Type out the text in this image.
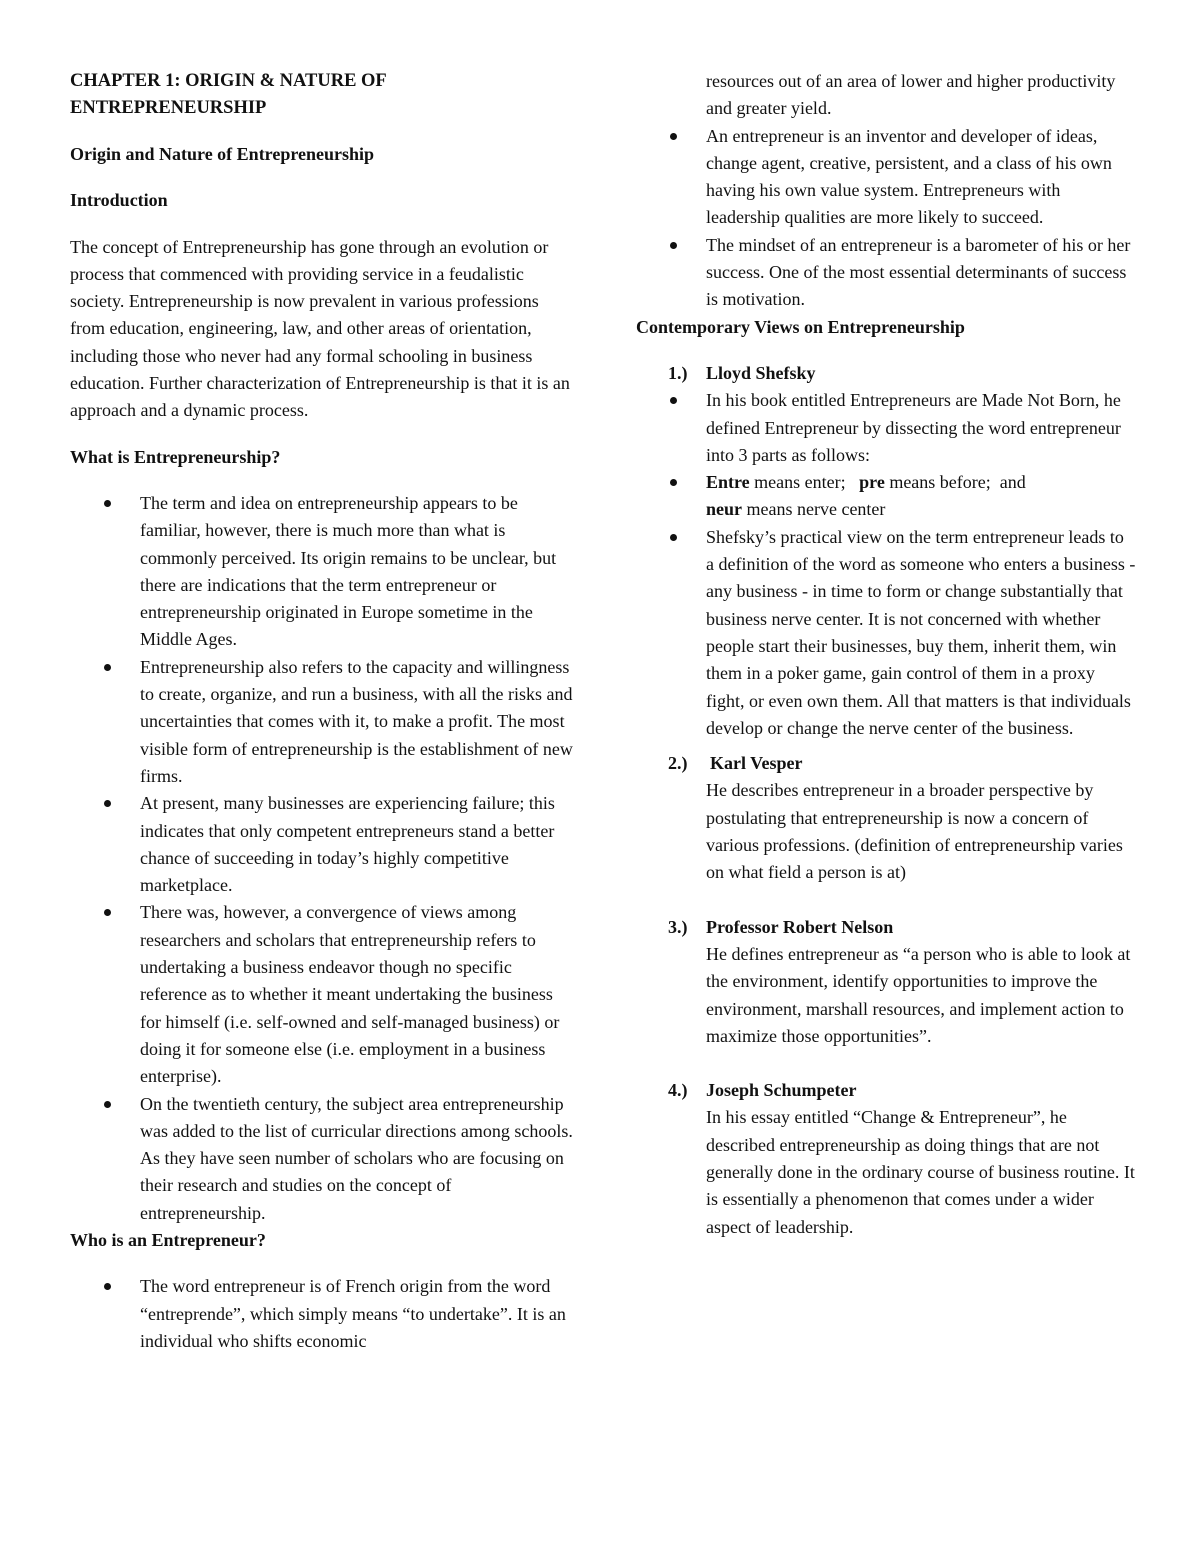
CHAPTER 1: ORIGIN & NATURE OF
ENTREPRENEURSHIP

Origin and Nature of Entrepreneurship

Introduction

The concept of Entrepreneurship has gone through an evolution or process that commenced with providing service in a feudalistic society. Entrepreneurship is now prevalent in various professions from education, engineering, law, and other areas of orientation, including those who never had any formal schooling in business education. Further characterization of Entrepreneurship is that it is an approach and a dynamic process.

What is Entrepreneurship?

The term and idea on entrepreneurship appears to be familiar, however, there is much more than what is commonly perceived. Its origin remains to be unclear, but there are indications that the term entrepreneur or entrepreneurship originated in Europe sometime in the Middle Ages.
Entrepreneurship also refers to the capacity and willingness to create, organize, and run a business, with all the risks and uncertainties that comes with it, to make a profit. The most visible form of entrepreneurship is the establishment of new firms.
At present, many businesses are experiencing failure; this indicates that only competent entrepreneurs stand a better chance of succeeding in today’s highly competitive marketplace.
There was, however, a convergence of views among researchers and scholars that entrepreneurship refers to undertaking a business endeavor though no specific reference as to whether it meant undertaking the business for himself (i.e. self-owned and self-managed business) or doing it for someone else (i.e. employment in a business enterprise).
On the twentieth century, the subject area entrepreneurship was added to the list of curricular directions among schools. As they have seen number of scholars who are focusing on their research and studies on the concept of entrepreneurship.

Who is an Entrepreneur?

The word entrepreneur is of French origin from the word “entreprende”, which simply means “to undertake”. It is an individual who shifts economic

resources out of an area of lower and higher productivity and greater yield.

An entrepreneur is an inventor and developer of ideas, change agent, creative, persistent, and a class of his own having his own value system. Entrepreneurs with leadership qualities are more likely to succeed.
The mindset of an entrepreneur is a barometer of his or her success. One of the most essential determinants of success is motivation.

Contemporary Views on Entrepreneurship

1.) Lloyd Shefsky
In his book entitled Entrepreneurs are Made Not Born, he defined Entrepreneur by dissecting the word entrepreneur into 3 parts as follows:
Entre means enter;   pre means before;  and
neur means nerve center
Shefsky’s practical view on the term entrepreneur leads to a definition of the word as someone who enters a business - any business - in time to form or change substantially that business nerve center. It is not concerned with whether people start their businesses, buy them, inherit them, win them in a poker game, gain control of them in a proxy fight, or even own them. All that matters is that individuals develop or change the nerve center of the business.
2.) Karl Vesper

He describes entrepreneur in a broader perspective by postulating that entrepreneurship is now a concern of various professions. (definition of entrepreneurship varies on what field a person is at)

3.) Professor Robert Nelson

He defines entrepreneur as “a person who is able to look at the environment, identify opportunities to improve the environment, marshall resources, and implement action to maximize those opportunities”.

4.) Joseph Schumpeter

In his essay entitled “Change & Entrepreneur”, he described entrepreneurship as doing things that are not generally done in the ordinary course of business routine. It is essentially a phenomenon that comes under a wider aspect of leadership.
